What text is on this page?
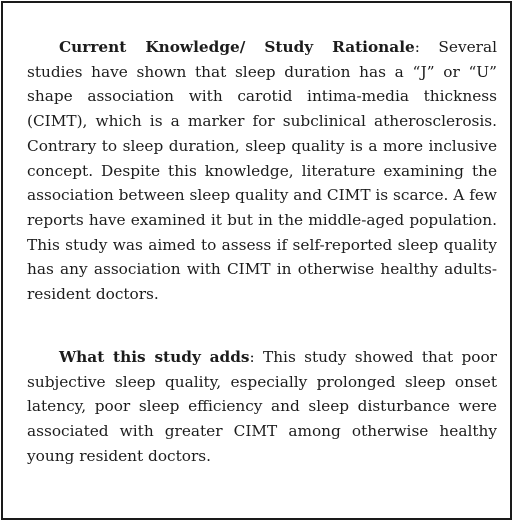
Current Knowledge/ Study Rationale: Several studies have shown that sleep duration has a “J” or “U” shape association with carotid intima-media thickness (CIMT), which is a marker for subclinical atherosclerosis. Contrary to sleep duration, sleep quality is a more inclusive concept. Despite this knowledge, literature examining the association between sleep quality and CIMT is scarce. A few reports have examined it but in the middle-aged population. This study was aimed to assess if self-reported sleep quality has any association with CIMT in otherwise healthy adults- resident doctors.

What this study adds: This study showed that poor subjective sleep quality, especially prolonged sleep onset latency, poor sleep efficiency and sleep disturbance were associated with greater CIMT among otherwise healthy young resident doctors.
